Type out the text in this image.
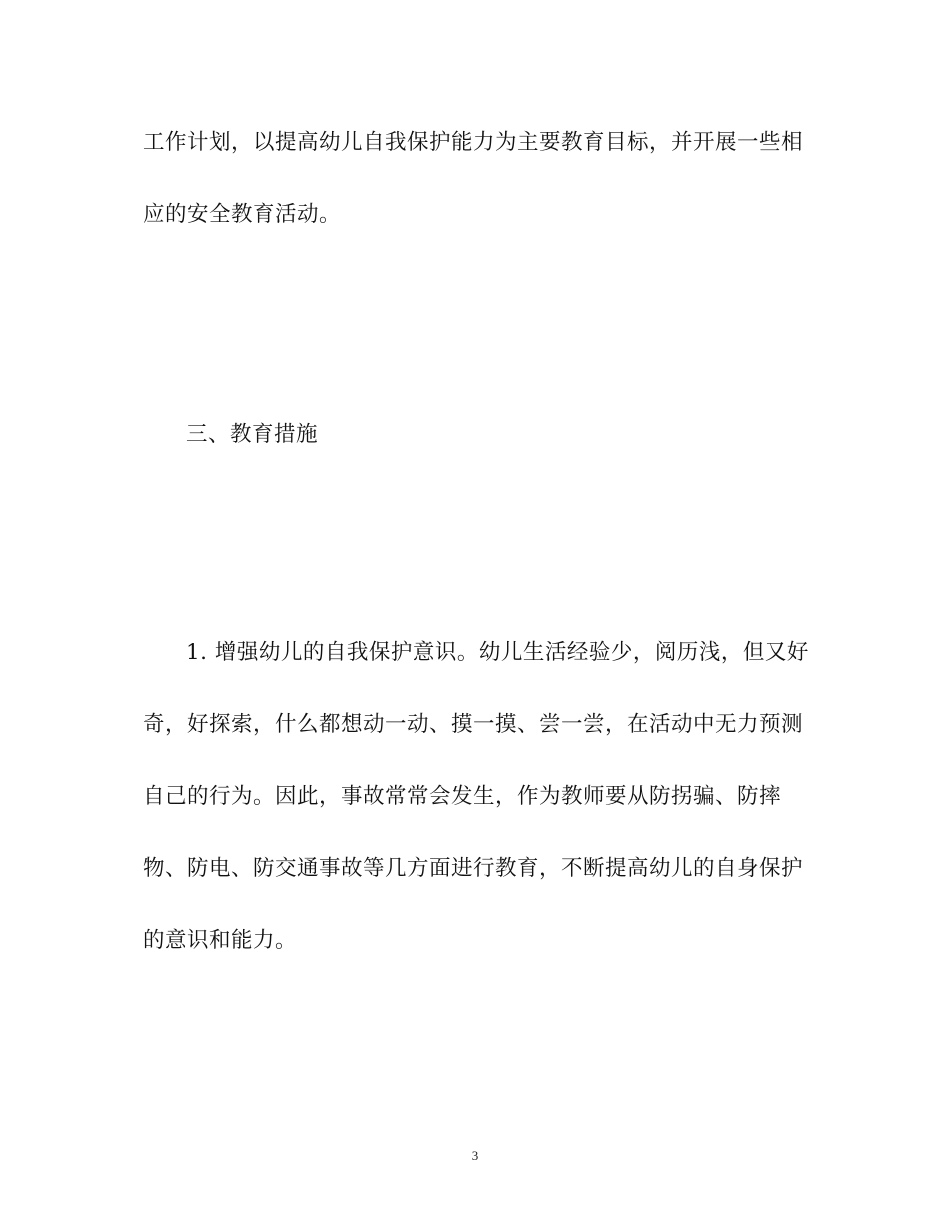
工作计划，以提高幼儿自我保护能力为主要教育目标，并开展一些相
应的安全教育活动。
三、教育措施
1. 增强幼儿的自我保护意识。幼儿生活经验少，阅历浅，但又好
奇，好探索，什么都想动一动、摸一摸、尝一尝，在活动中无力预测
自己的行为。因此，事故常常会发生，作为教师要从防拐骗、防摔
物、防电、防交通事故等几方面进行教育，不断提高幼儿的自身保护
的意识和能力。
3
